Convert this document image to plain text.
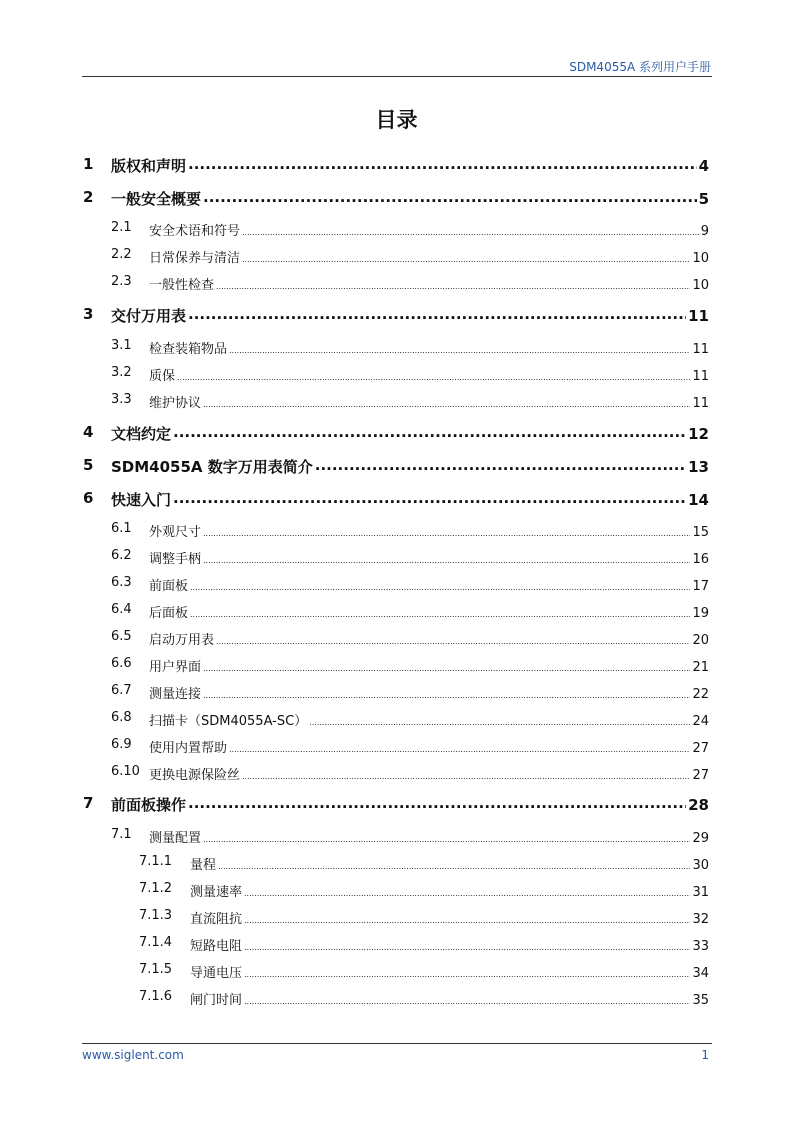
SDM4055A 系列用户手册
目录
1 版权和声明 .....	4
2 一般安全概要 .....	5
2.1 安全术语和符号 .....	9
2.2 日常保养与清洁 .....	10
2.3 一般性检查 .....	10
3 交付万用表 .....	11
3.1 检查装箱物品 .....	11
3.2 质保 .....	11
3.3 维护协议 .....	11
4 文档约定 .....	12
5 SDM4055A 数字万用表简介 .....	13
6 快速入门 .....	14
6.1 外观尺寸 .....	15
6.2 调整手柄 .....	16
6.3 前面板 .....	17
6.4 后面板 .....	19
6.5 启动万用表 .....	20
6.6 用户界面 .....	21
6.7 测量连接 .....	22
6.8 扫描卡（SDM4055A-SC） .....	24
6.9 使用内置帮助 .....	27
6.10 更换电源保险丝 .....	27
7 前面板操作 .....	28
7.1 测量配置 .....	29
7.1.1 量程 .....	30
7.1.2 测量速率 .....	31
7.1.3 直流阻抗 .....	32
7.1.4 短路电阻 .....	33
7.1.5 导通电压 .....	34
7.1.6 闸门时间 .....	35
www.siglent.com	1
